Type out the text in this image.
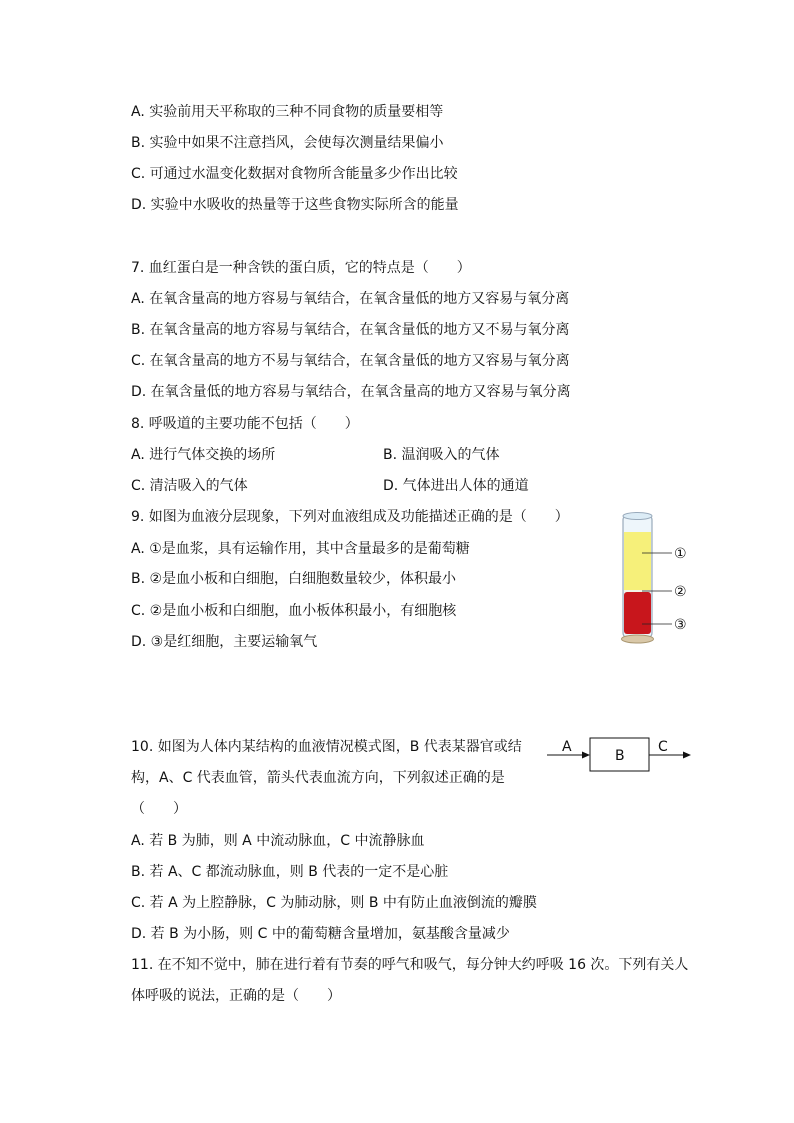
A. 实验前用天平称取的三种不同食物的质量要相等
B. 实验中如果不注意挡风，会使每次测量结果偏小
C. 可通过水温变化数据对食物所含能量多少作出比较
D. 实验中水吸收的热量等于这些食物实际所含的能量
7. 血红蛋白是一种含铁的蛋白质，它的特点是（　　）
A. 在氧含量高的地方容易与氧结合，在氧含量低的地方又容易与氧分离
B. 在氧含量高的地方容易与氧结合，在氧含量低的地方又不易与氧分离
C. 在氧含量高的地方不易与氧结合，在氧含量低的地方又容易与氧分离
D. 在氧含量低的地方容易与氧结合，在氧含量高的地方又容易与氧分离
8. 呼吸道的主要功能不包括（　　）
A. 进行气体交换的场所	B. 温润吸入的气体
C. 清洁吸入的气体	D. 气体进出人体的通道
9. 如图为血液分层现象，下列对血液组成及功能描述正确的是（　　）
A. ①是血浆，具有运输作用，其中含量最多的是葡萄糖
B. ②是血小板和白细胞，白细胞数量较少，体积最小
C. ②是血小板和白细胞，血小板体积最小，有细胞核
D. ③是红细胞，主要运输氧气
①
②
③
10. 如图为人体内某结构的血液情况模式图，B 代表某器官或结
构，A、C 代表血管，箭头代表血流方向，下列叙述正确的是
（　　）
A. 若 B 为肺，则 A 中流动脉血，C 中流静脉血
B. 若 A、C 都流动脉血，则 B 代表的一定不是心脏
C. 若 A 为上腔静脉，C 为肺动脉，则 B 中有防止血液倒流的瓣膜
D. 若 B 为小肠，则 C 中的葡萄糖含量增加，氨基酸含量减少
A
B
C
11. 在不知不觉中，肺在进行着有节奏的呼气和吸气，每分钟大约呼吸 16 次。下列有关人
体呼吸的说法，正确的是（　　）
